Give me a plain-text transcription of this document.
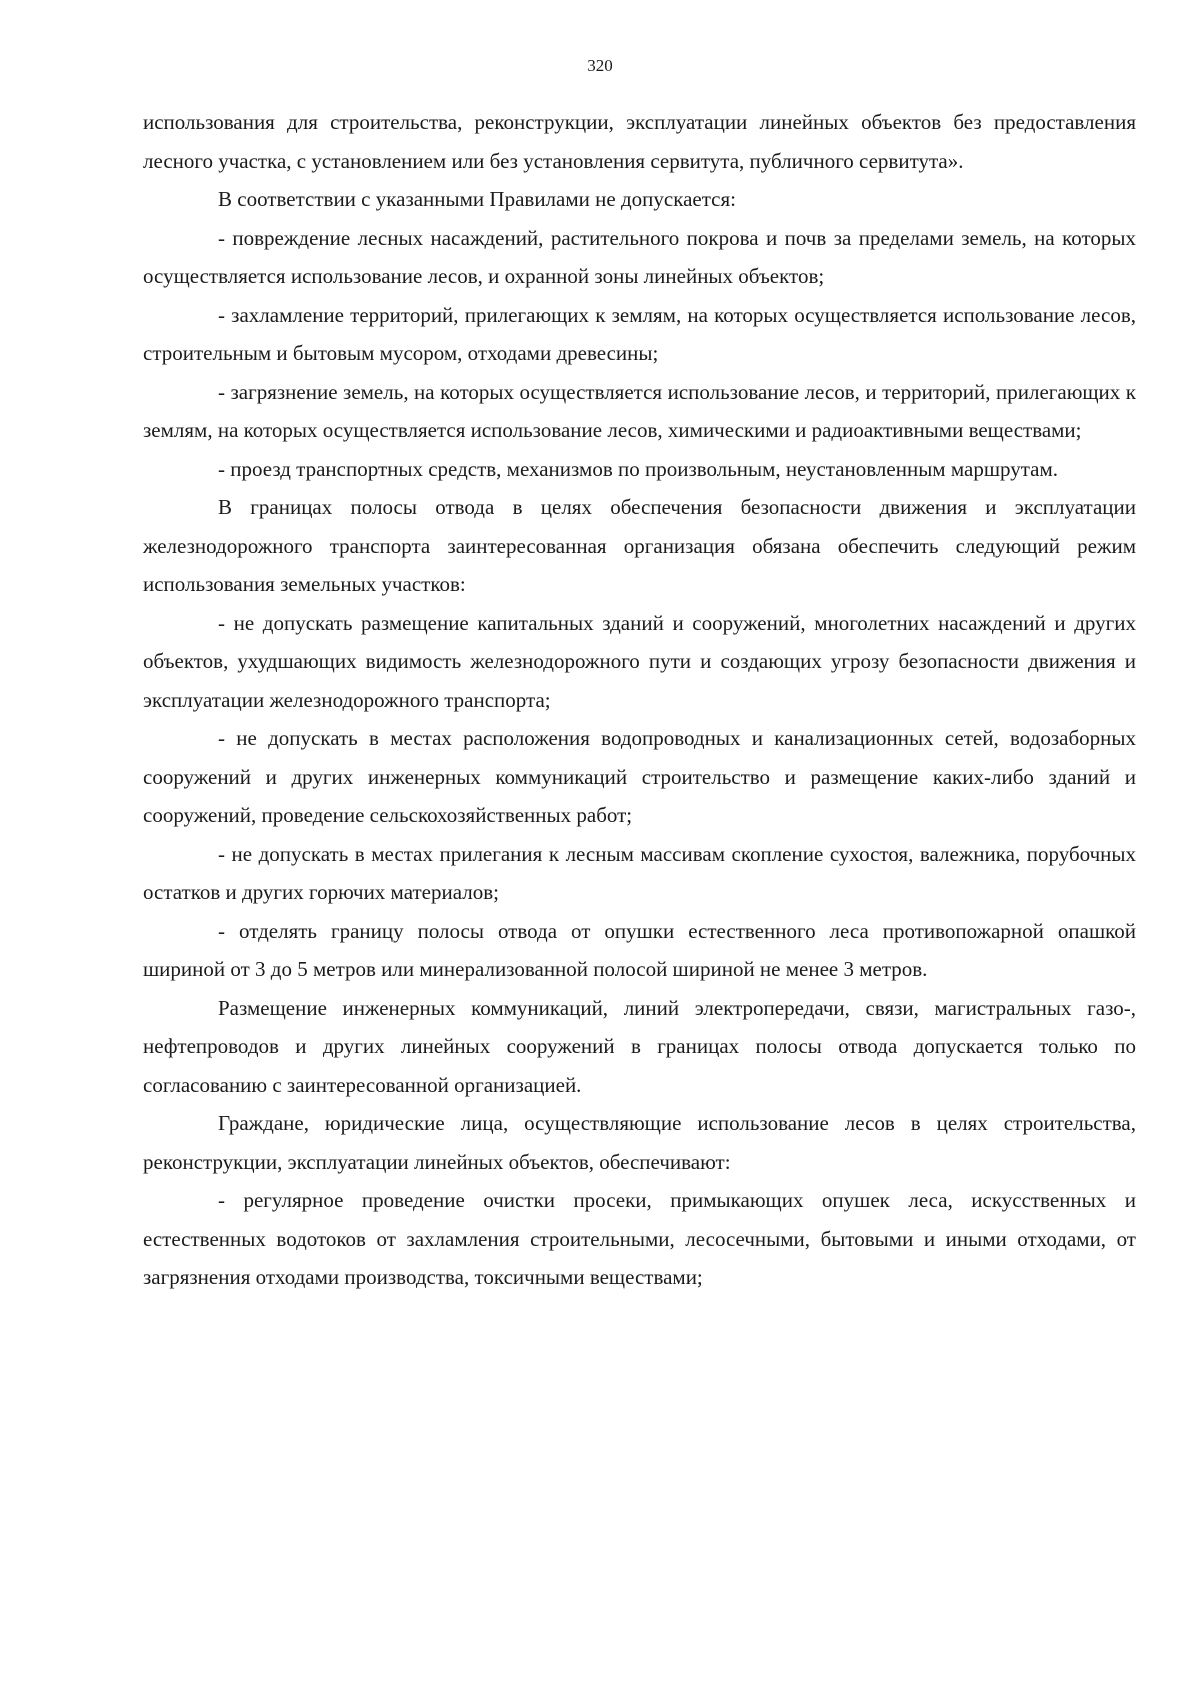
320

использования для строительства, реконструкции, эксплуатации линейных объектов без предоставления лесного участка, с установлением или без установления сервитута, публичного сервитута».

В соответствии с указанными Правилами не допускается:

- повреждение лесных насаждений, растительного покрова и почв за пределами земель, на которых осуществляется использование лесов, и охранной зоны линейных объектов;

- захламление территорий, прилегающих к землям, на которых осуществляется использование лесов, строительным и бытовым мусором, отходами древесины;

- загрязнение земель, на которых осуществляется использование лесов, и территорий, прилегающих к землям, на которых осуществляется использование лесов, химическими и радиоактивными веществами;

- проезд транспортных средств, механизмов по произвольным, неустановленным маршрутам.

В границах полосы отвода в целях обеспечения безопасности движения и эксплуатации железнодорожного транспорта заинтересованная организация обязана обеспечить следующий режим использования земельных участков:

- не допускать размещение капитальных зданий и сооружений, многолетних насаждений и других объектов, ухудшающих видимость железнодорожного пути и создающих угрозу безопасности движения и эксплуатации железнодорожного транспорта;

- не допускать в местах расположения водопроводных и канализационных сетей, водозаборных сооружений и других инженерных коммуникаций строительство и размещение каких-либо зданий и сооружений, проведение сельскохозяйственных работ;

- не допускать в местах прилегания к лесным массивам скопление сухостоя, валежника, порубочных остатков и других горючих материалов;

- отделять границу полосы отвода от опушки естественного леса противопожарной опашкой шириной от 3 до 5 метров или минерализованной полосой шириной не менее 3 метров.

Размещение инженерных коммуникаций, линий электропередачи, связи, магистральных газо-, нефтепроводов и других линейных сооружений в границах полосы отвода допускается только по согласованию с заинтересованной организацией.

Граждане, юридические лица, осуществляющие использование лесов в целях строительства, реконструкции, эксплуатации линейных объектов, обеспечивают:

- регулярное проведение очистки просеки, примыкающих опушек леса, искусственных и естественных водотоков от захламления строительными, лесосечными, бытовыми и иными отходами, от загрязнения отходами производства, токсичными веществами;
